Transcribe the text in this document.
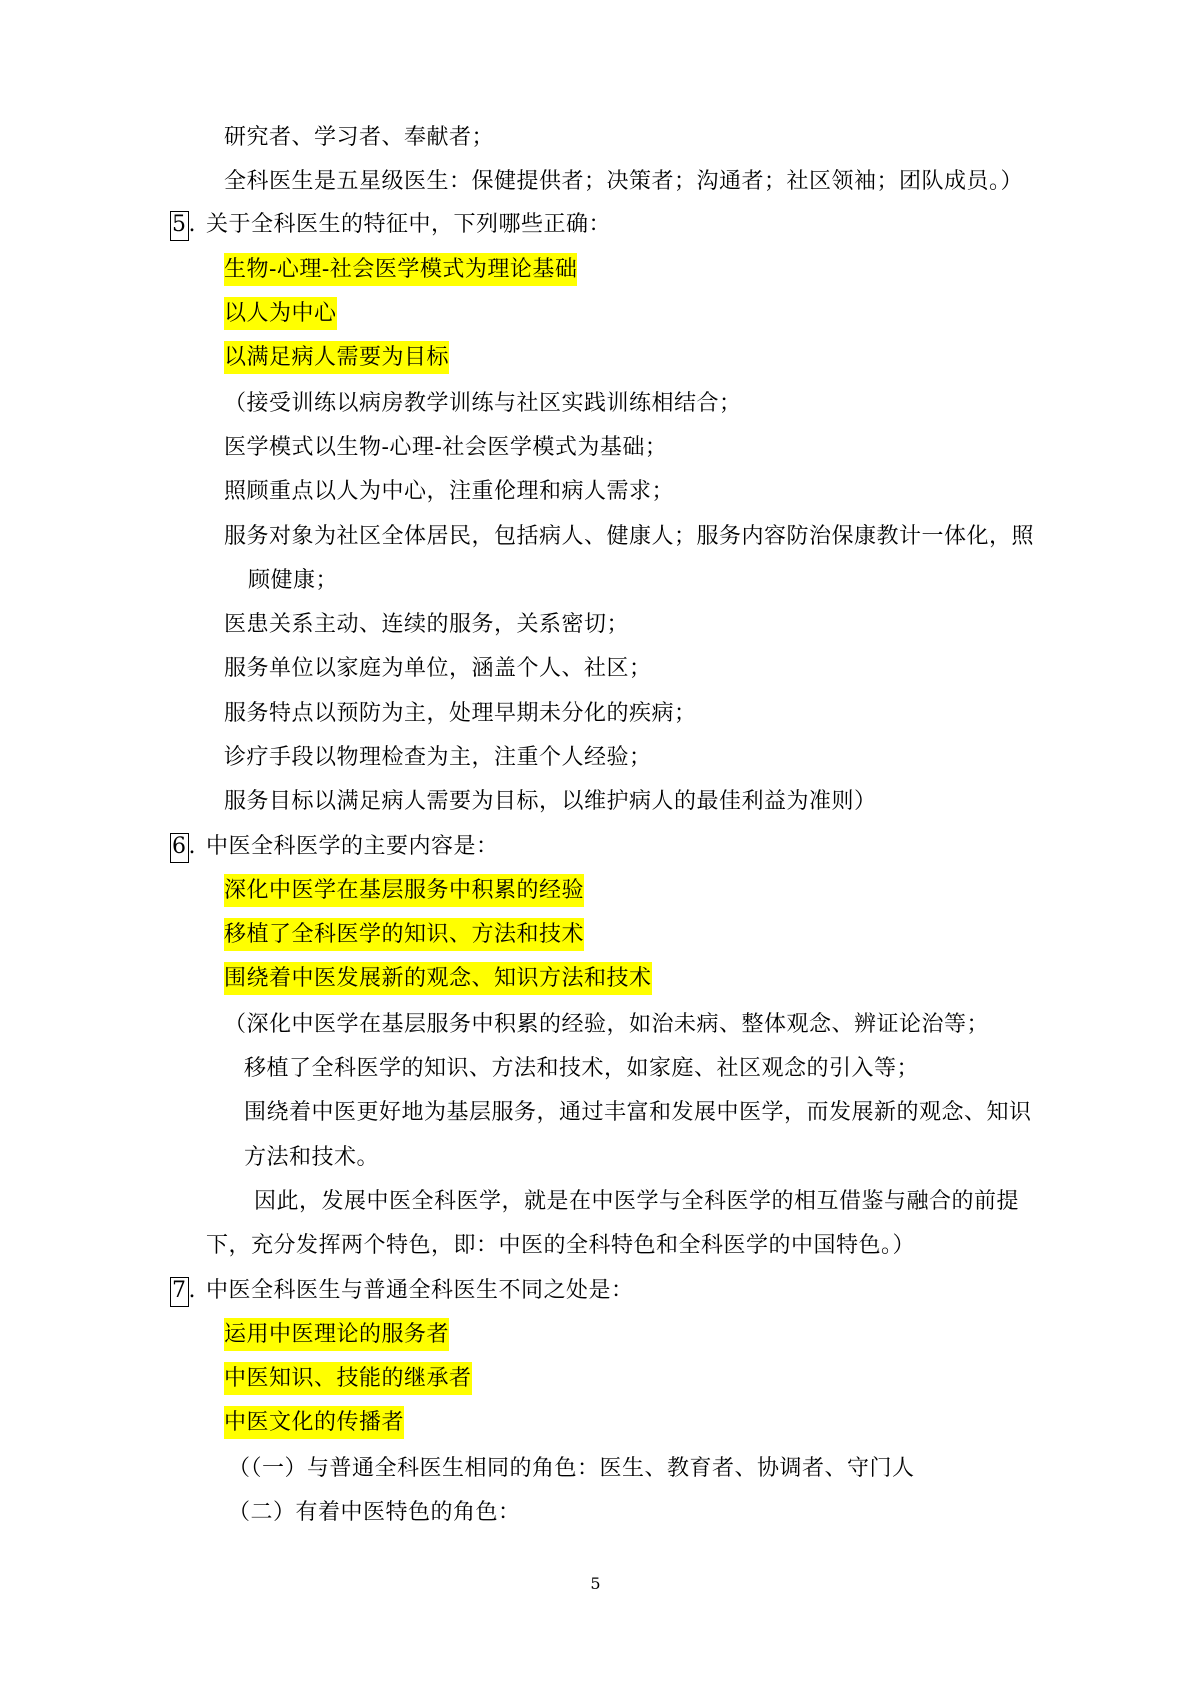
研究者、学习者、奉献者；
全科医生是五星级医生：保健提供者；决策者；沟通者；社区领袖；团队成员。）
5. 关于全科医生的特征中，下列哪些正确：
生物-心理-社会医学模式为理论基础
以人为中心
以满足病人需要为目标
（接受训练以病房教学训练与社区实践训练相结合；
医学模式以生物-心理-社会医学模式为基础；
照顾重点以人为中心，注重伦理和病人需求；
服务对象为社区全体居民，包括病人、健康人；服务内容防治保康教计一体化，照
顾健康；
医患关系主动、连续的服务，关系密切；
服务单位以家庭为单位，涵盖个人、社区；
服务特点以预防为主，处理早期未分化的疾病；
诊疗手段以物理检查为主，注重个人经验；
服务目标以满足病人需要为目标，以维护病人的最佳利益为准则）
6. 中医全科医学的主要内容是：
深化中医学在基层服务中积累的经验
移植了全科医学的知识、方法和技术
围绕着中医发展新的观念、知识方法和技术
（深化中医学在基层服务中积累的经验，如治未病、整体观念、辨证论治等；
移植了全科医学的知识、方法和技术，如家庭、社区观念的引入等；
围绕着中医更好地为基层服务，通过丰富和发展中医学，而发展新的观念、知识
方法和技术。
因此，发展中医全科医学，就是在中医学与全科医学的相互借鉴与融合的前提
下，充分发挥两个特色，即：中医的全科特色和全科医学的中国特色。）
7. 中医全科医生与普通全科医生不同之处是：
运用中医理论的服务者
中医知识、技能的继承者
中医文化的传播者
（（一）与普通全科医生相同的角色：医生、教育者、协调者、守门人
（二）有着中医特色的角色：
5
